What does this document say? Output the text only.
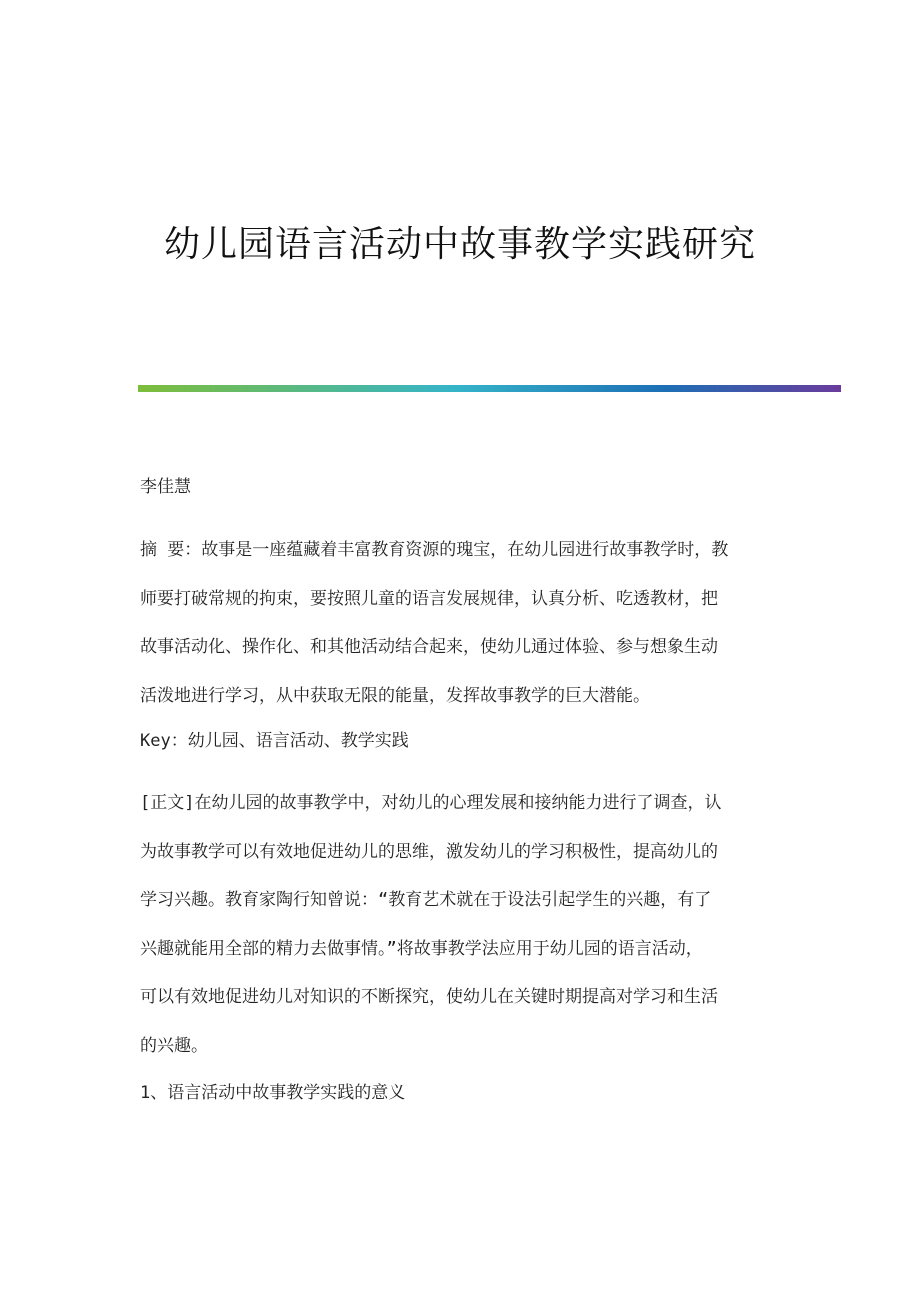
幼儿园语言活动中故事教学实践研究

李佳慧

摘 要：故事是一座蕴藏着丰富教育资源的瑰宝，在幼儿园进行故事教学时，教
师要打破常规的拘束，要按照儿童的语言发展规律，认真分析、吃透教材，把
故事活动化、操作化、和其他活动结合起来，使幼儿通过体验、参与想象生动
活泼地进行学习，从中获取无限的能量，发挥故事教学的巨大潜能。

Key：幼儿园、语言活动、教学实践

[正文]在幼儿园的故事教学中，对幼儿的心理发展和接纳能力进行了调查，认
为故事教学可以有效地促进幼儿的思维，激发幼儿的学习积极性，提高幼儿的
学习兴趣。教育家陶行知曾说：“教育艺术就在于设法引起学生的兴趣，有了
兴趣就能用全部的精力去做事情。”将故事教学法应用于幼儿园的语言活动，
可以有效地促进幼儿对知识的不断探究，使幼儿在关键时期提高对学习和生活
的兴趣。

1、语言活动中故事教学实践的意义
